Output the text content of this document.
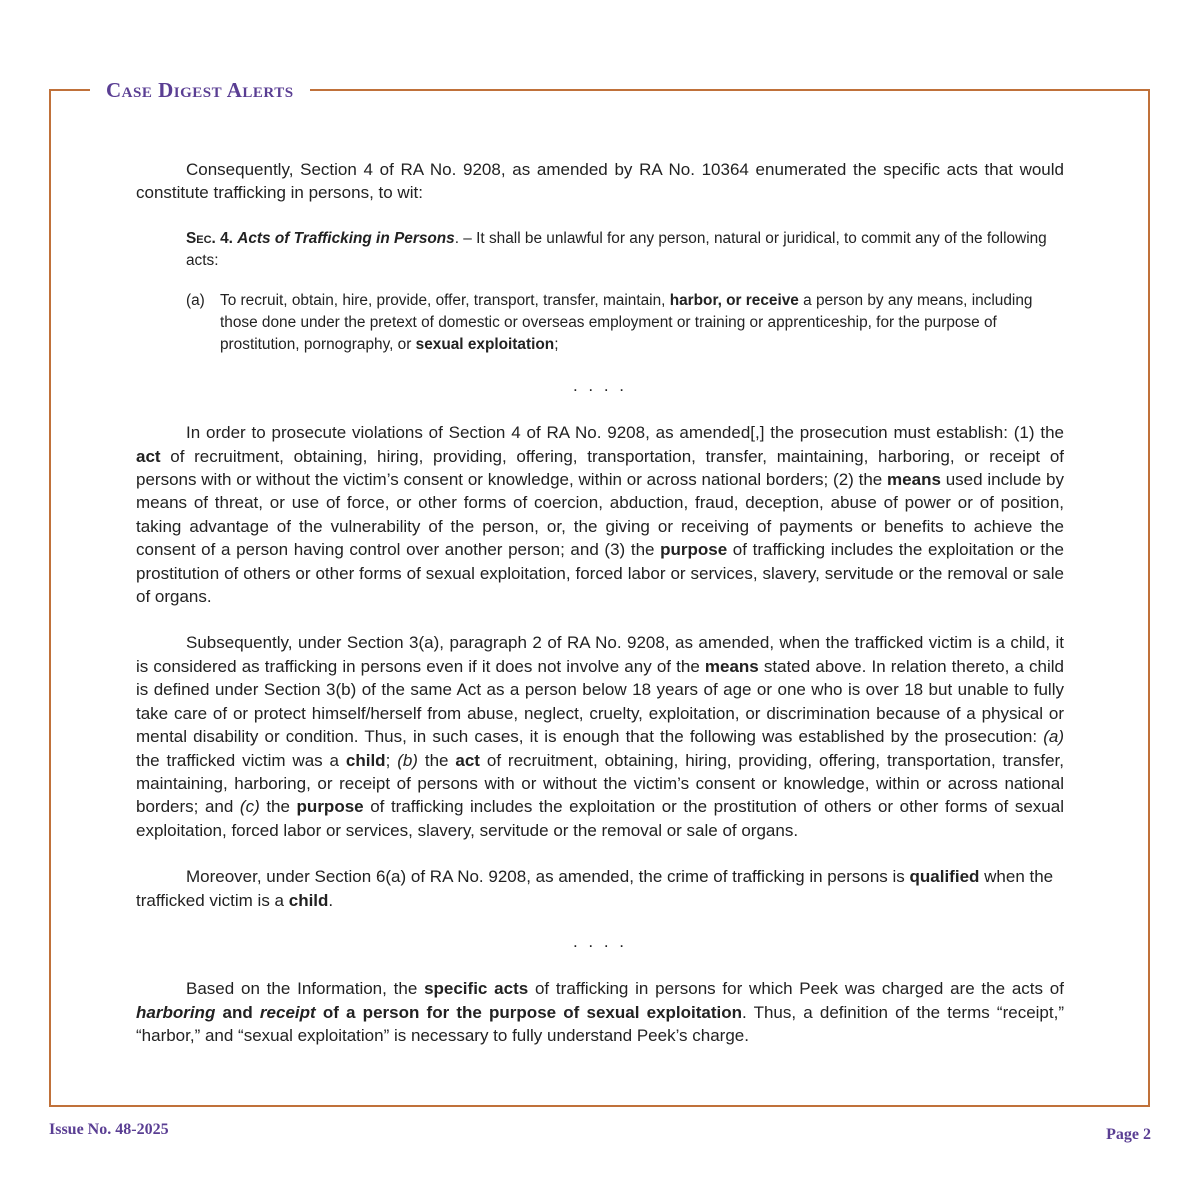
Case Digest Alerts

Consequently, Section 4 of RA No. 9208, as amended by RA No. 10364 enumerated the specific acts that would constitute trafficking in persons, to wit:

Sec. 4. Acts of Trafficking in Persons. – It shall be unlawful for any person, natural or juridical, to commit any of the following acts:

(a) To recruit, obtain, hire, provide, offer, transport, transfer, maintain, harbor, or receive a person by any means, including those done under the pretext of domestic or overseas employment or training or apprenticeship, for the purpose of prostitution, pornography, or sexual exploitation;

. . . .

In order to prosecute violations of Section 4 of RA No. 9208, as amended[,] the prosecution must establish: (1) the act of recruitment, obtaining, hiring, providing, offering, transportation, transfer, maintaining, harboring, or receipt of persons with or without the victim’s consent or knowledge, within or across national borders; (2) the means used include by means of threat, or use of force, or other forms of coercion, abduction, fraud, deception, abuse of power or of position, taking advantage of the vulnerability of the person, or, the giving or receiving of payments or benefits to achieve the consent of a person having control over another person; and (3) the purpose of trafficking includes the exploitation or the prostitution of others or other forms of sexual exploitation, forced labor or services, slavery, servitude or the removal or sale of organs.

Subsequently, under Section 3(a), paragraph 2 of RA No. 9208, as amended, when the trafficked victim is a child, it is considered as trafficking in persons even if it does not involve any of the means stated above. In relation thereto, a child is defined under Section 3(b) of the same Act as a person below 18 years of age or one who is over 18 but unable to fully take care of or protect himself/herself from abuse, neglect, cruelty, exploitation, or discrimination because of a physical or mental disability or condition. Thus, in such cases, it is enough that the following was established by the prosecution: (a) the trafficked victim was a child; (b) the act of recruitment, obtaining, hiring, providing, offering, transportation, transfer, maintaining, harboring, or receipt of persons with or without the victim’s consent or knowledge, within or across national borders; and (c) the purpose of trafficking includes the exploitation or the prostitution of others or other forms of sexual exploitation, forced labor or services, slavery, servitude or the removal or sale of organs.

Moreover, under Section 6(a) of RA No. 9208, as amended, the crime of trafficking in persons is qualified when the trafficked victim is a child.

. . . .

Based on the Information, the specific acts of trafficking in persons for which Peek was charged are the acts of harboring and receipt of a person for the purpose of sexual exploitation. Thus, a definition of the terms “receipt,” “harbor,” and “sexual exploitation” is necessary to fully understand Peek’s charge.

Issue No. 48-2025	Page 2
